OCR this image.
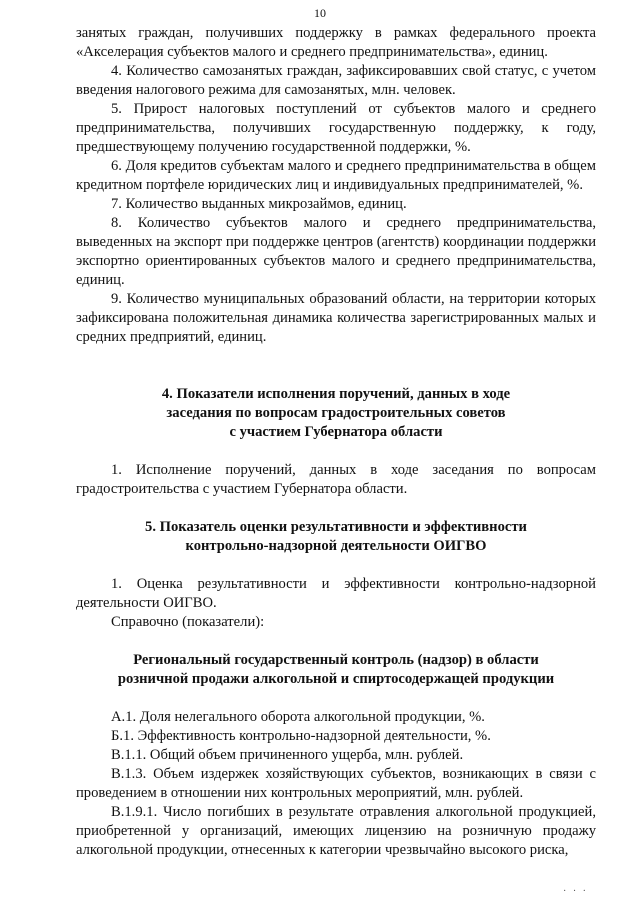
10

занятых граждан, получивших поддержку в рамках федерального проекта «Акселерация субъектов малого и среднего предпринимательства», единиц.

4. Количество самозанятых граждан, зафиксировавших свой статус, с учетом введения налогового режима для самозанятых, млн. человек.

5. Прирост налоговых поступлений от субъектов малого и среднего предпринимательства, получивших государственную поддержку, к году, предшествующему получению государственной поддержки, %.

6. Доля кредитов субъектам малого и среднего предпринимательства в общем кредитном портфеле юридических лиц и индивидуальных предпринимателей, %.

7. Количество выданных микрозаймов, единиц.

8. Количество субъектов малого и среднего предпринимательства, выведенных на экспорт при поддержке центров (агентств) координации поддержки экспортно ориентированных субъектов малого и среднего предпринимательства, единиц.

9. Количество муниципальных образований области, на территории которых зафиксирована положительная динамика количества зарегистрированных малых и средних предприятий, единиц.

4. Показатели исполнения поручений, данных в ходе
заседания по вопросам градостроительных советов
с участием Губернатора области

1. Исполнение поручений, данных в ходе заседания по вопросам градостроительства с участием Губернатора области.

5. Показатель оценки результативности и эффективности
контрольно-надзорной деятельности ОИГВО

1. Оценка результативности и эффективности контрольно-надзорной деятельности ОИГВО.

Справочно (показатели):

Региональный государственный контроль (надзор) в области
розничной продажи алкогольной и спиртосодержащей продукции

А.1. Доля нелегального оборота алкогольной продукции, %.

Б.1. Эффективность контрольно-надзорной деятельности, %.

В.1.1. Общий объем причиненного ущерба, млн. рублей.

В.1.3. Объем издержек хозяйствующих субъектов, возникающих в связи с проведением в отношении них контрольных мероприятий, млн. рублей.

В.1.9.1. Число погибших в результате отравления алкогольной продукцией, приобретенной у организаций, имеющих лицензию на розничную продажу алкогольной продукции, отнесенных к категории чрезвычайно высокого риска,

· · ·
